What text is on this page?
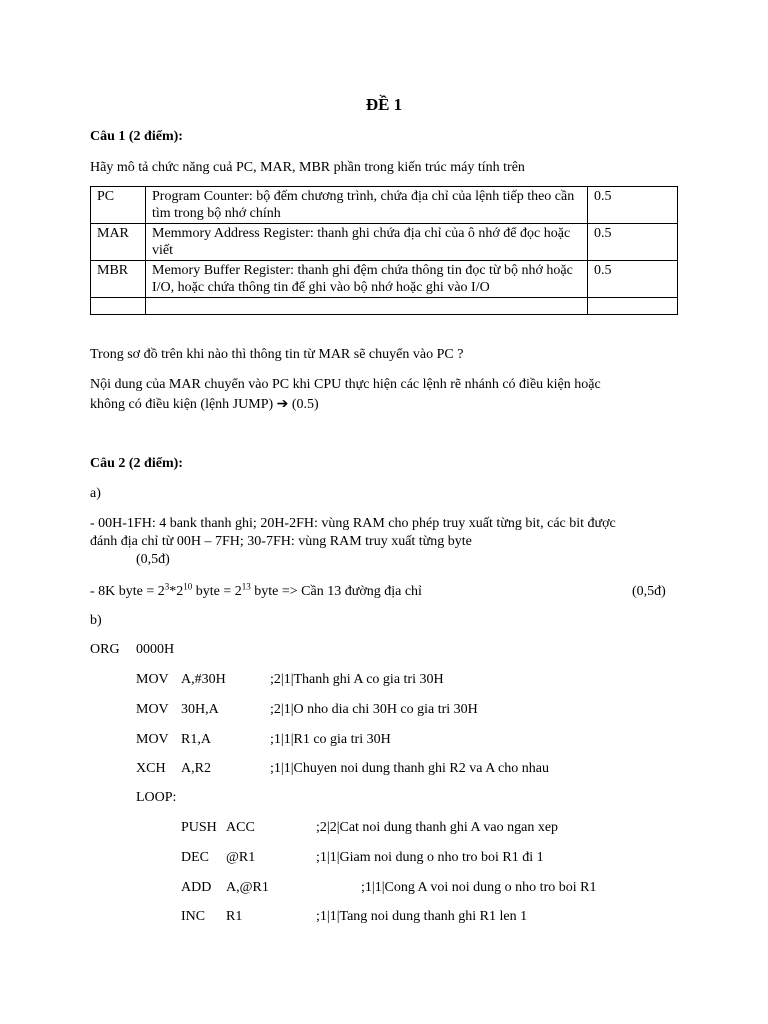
ĐỀ 1
Câu 1 (2 điểm):
Hãy mô tả chức năng cuả PC, MAR, MBR phần trong kiến trúc máy tính trên
PC	Program Counter: bộ đếm chương trình, chứa địa chỉ của lệnh tiếp theo cần tìm trong bộ nhớ chính	0.5
MAR	Memmory Address Register: thanh ghi chứa địa chỉ của ô nhớ để đọc hoặc viết	0.5
MBR	Memory Buffer Register: thanh ghi đệm chứa thông tin đọc từ bộ nhớ hoặc I/O, hoặc chứa thông tin để ghi vào bộ nhớ hoặc ghi vào I/O	0.5

Trong sơ đồ trên khi nào thì thông tin từ MAR sẽ chuyển vào PC ?
Nội dung của MAR chuyển vào PC khi CPU thực hiện các lệnh rẽ nhánh có điều kiện hoặc
không có điều kiện (lệnh JUMP) ➔ (0.5)
Câu 2 (2 điểm):
a)
- 00H-1FH: 4 bank thanh ghi; 20H-2FH: vùng RAM cho phép truy xuất từng bit, các bit được
đánh địa chỉ từ 00H – 7FH; 30-7FH: vùng RAM truy xuất từng byte
(0,5đ)
- 8K byte = $2^3*2^{10}$ byte = $2^{13}$ byte => Cần 13 đường địa chỉ	(0,5đ)
b)
ORG 0000H
MOV A,#30H	;2|1|Thanh ghi A co gia tri 30H
MOV 30H,A	;2|1|O nho dia chi 30H co gia tri 30H
MOV R1,A	;1|1|R1 co gia tri 30H
XCH A,R2	;1|1|Chuyen noi dung thanh ghi R2 va A cho nhau
LOOP:
PUSH ACC	;2|2|Cat noi dung thanh ghi A vao ngan xep
DEC @R1	;1|1|Giam noi dung o nho tro boi R1 đi 1
ADD A,@R1	;1|1|Cong A voi noi dung o nho tro boi R1
INC R1	;1|1|Tang noi dung thanh ghi R1 len 1
